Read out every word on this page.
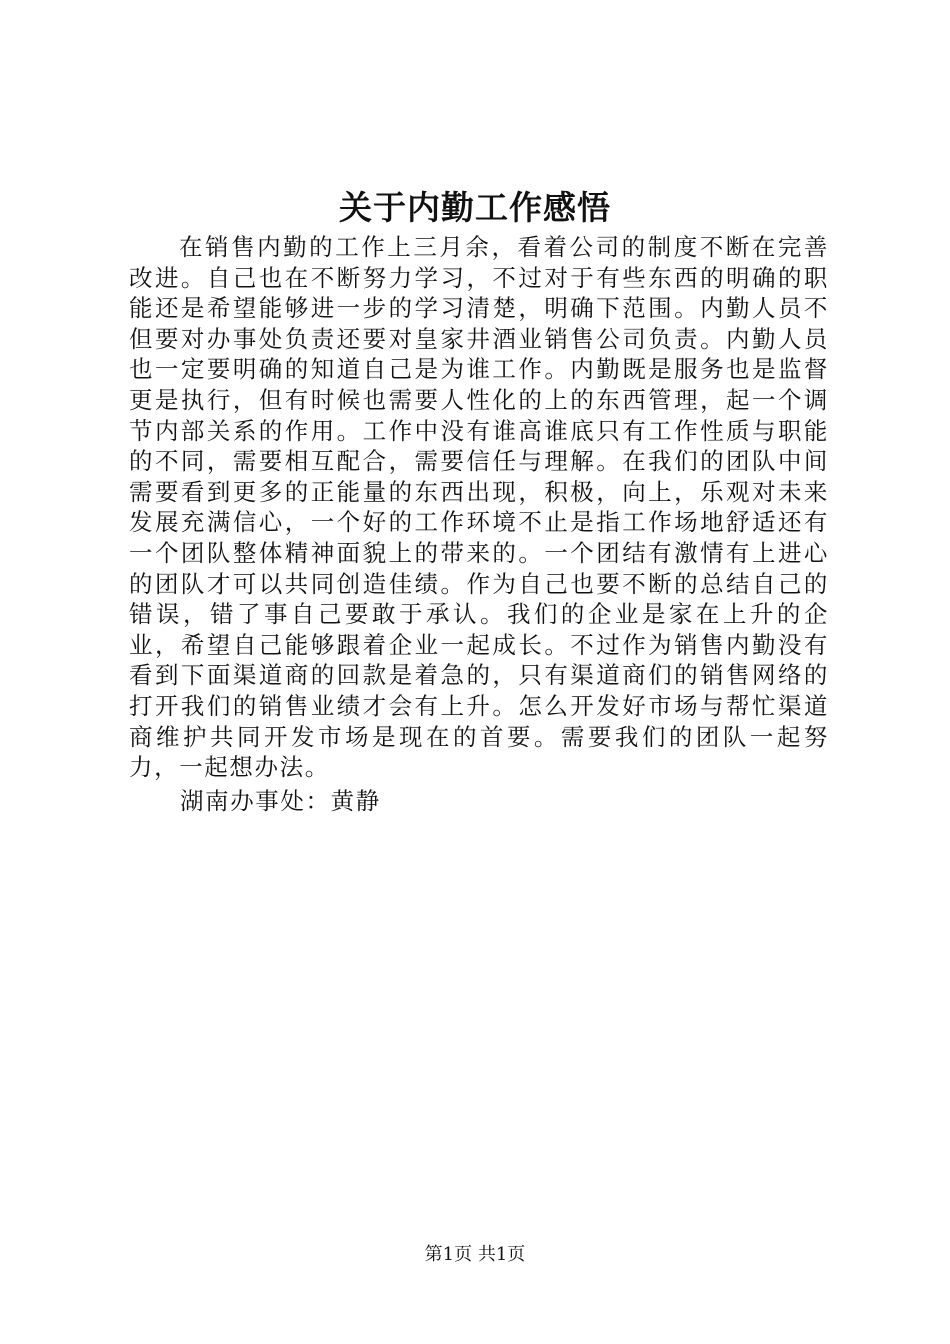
关于内勤工作感悟

在销售内勤的工作上三月余，看着公司的制度不断在完善改进。自己也在不断努力学习，不过对于有些东西的明确的职能还是希望能够进一步的学习清楚，明确下范围。内勤人员不但要对办事处负责还要对皇家井酒业销售公司负责。内勤人员也一定要明确的知道自己是为谁工作。内勤既是服务也是监督更是执行，但有时候也需要人性化的上的东西管理，起一个调节内部关系的作用。工作中没有谁高谁底只有工作性质与职能的不同，需要相互配合，需要信任与理解。在我们的团队中间需要看到更多的正能量的东西出现，积极，向上，乐观对未来发展充满信心，一个好的工作环境不止是指工作场地舒适还有一个团队整体精神面貌上的带来的。一个团结有激情有上进心的团队才可以共同创造佳绩。作为自己也要不断的总结自己的错误，错了事自己要敢于承认。我们的企业是家在上升的企业，希望自己能够跟着企业一起成长。不过作为销售内勤没有看到下面渠道商的回款是着急的，只有渠道商们的销售网络的打开我们的销售业绩才会有上升。怎么开发好市场与帮忙渠道商维护共同开发市场是现在的首要。需要我们的团队一起努力，一起想办法。

湖南办事处：黄静
第1页 共1页
